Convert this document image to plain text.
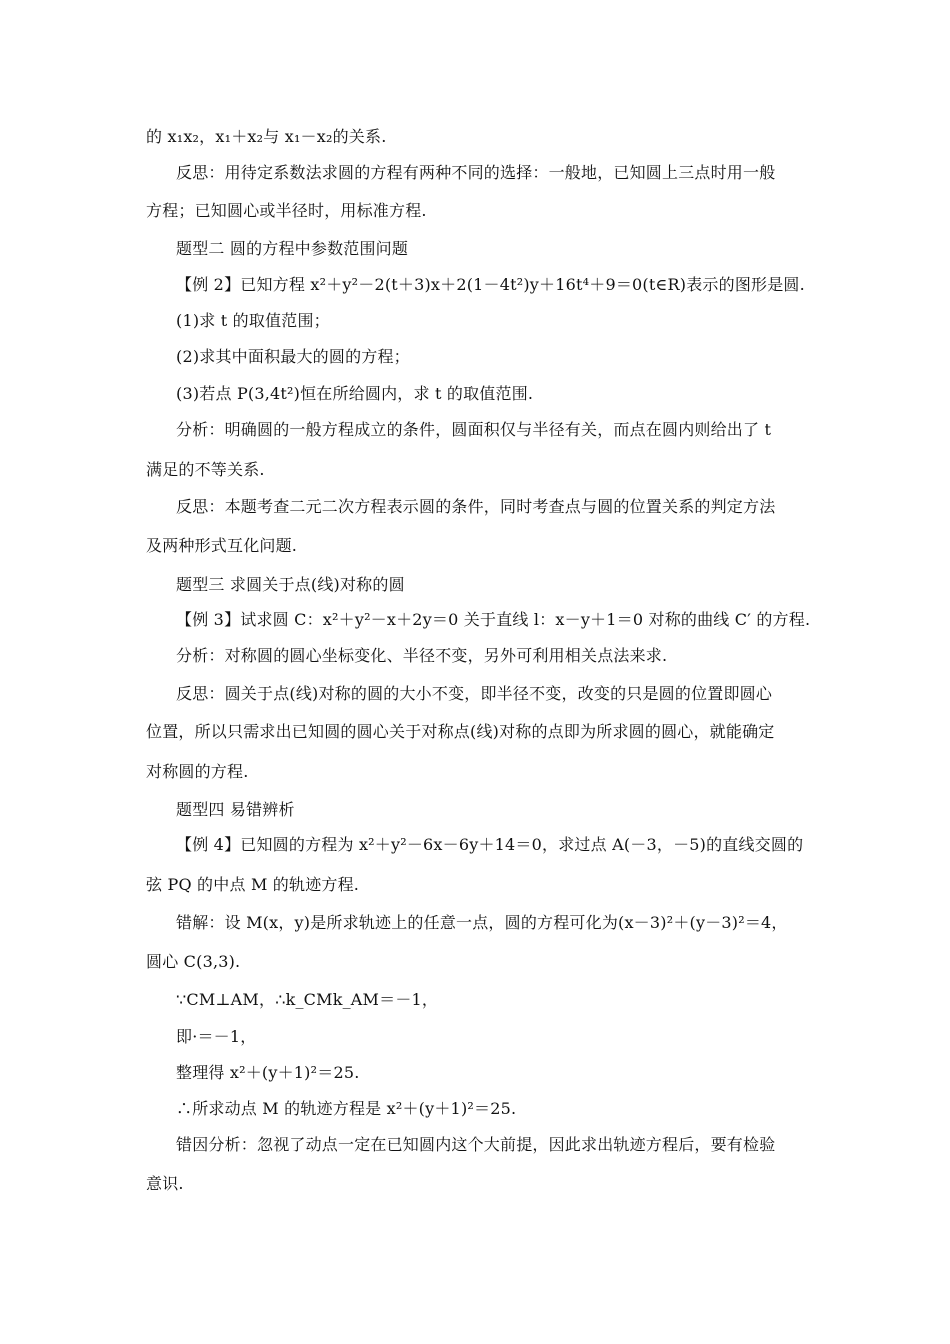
的 x₁x₂，x₁＋x₂与 x₁－x₂的关系.
反思：用待定系数法求圆的方程有两种不同的选择：一般地，已知圆上三点时用一般
方程；已知圆心或半径时，用标准方程.
题型二 圆的方程中参数范围问题
【例 2】已知方程 x²＋y²－2(t＋3)x＋2(1－4t²)y＋16t⁴＋9＝0(t∈R)表示的图形是圆.
(1)求 t 的取值范围；
(2)求其中面积最大的圆的方程；
(3)若点 P(3,4t²)恒在所给圆内，求 t 的取值范围.
分析：明确圆的一般方程成立的条件，圆面积仅与半径有关，而点在圆内则给出了 t
满足的不等关系.
反思：本题考查二元二次方程表示圆的条件，同时考查点与圆的位置关系的判定方法
及两种形式互化问题.
题型三 求圆关于点(线)对称的圆
【例 3】试求圆 C：x²＋y²－x＋2y＝0 关于直线 l：x－y＋1＝0 对称的曲线 C′ 的方程.
分析：对称圆的圆心坐标变化、半径不变，另外可利用相关点法来求.
反思：圆关于点(线)对称的圆的大小不变，即半径不变，改变的只是圆的位置即圆心
位置，所以只需求出已知圆的圆心关于对称点(线)对称的点即为所求圆的圆心，就能确定
对称圆的方程.
题型四 易错辨析
【例 4】已知圆的方程为 x²＋y²－6x－6y＋14＝0，求过点 A(－3，－5)的直线交圆的
弦 PQ 的中点 M 的轨迹方程.
错解：设 M(x，y)是所求轨迹上的任意一点，圆的方程可化为(x－3)²＋(y－3)²＝4，
圆心 C(3,3).
∵CM⊥AM，∴k_CMk_AM＝－1，
即·＝－1，
整理得 x²＋(y＋1)²＝25.
∴所求动点 M 的轨迹方程是 x²＋(y＋1)²＝25.
错因分析：忽视了动点一定在已知圆内这个大前提，因此求出轨迹方程后，要有检验
意识.
